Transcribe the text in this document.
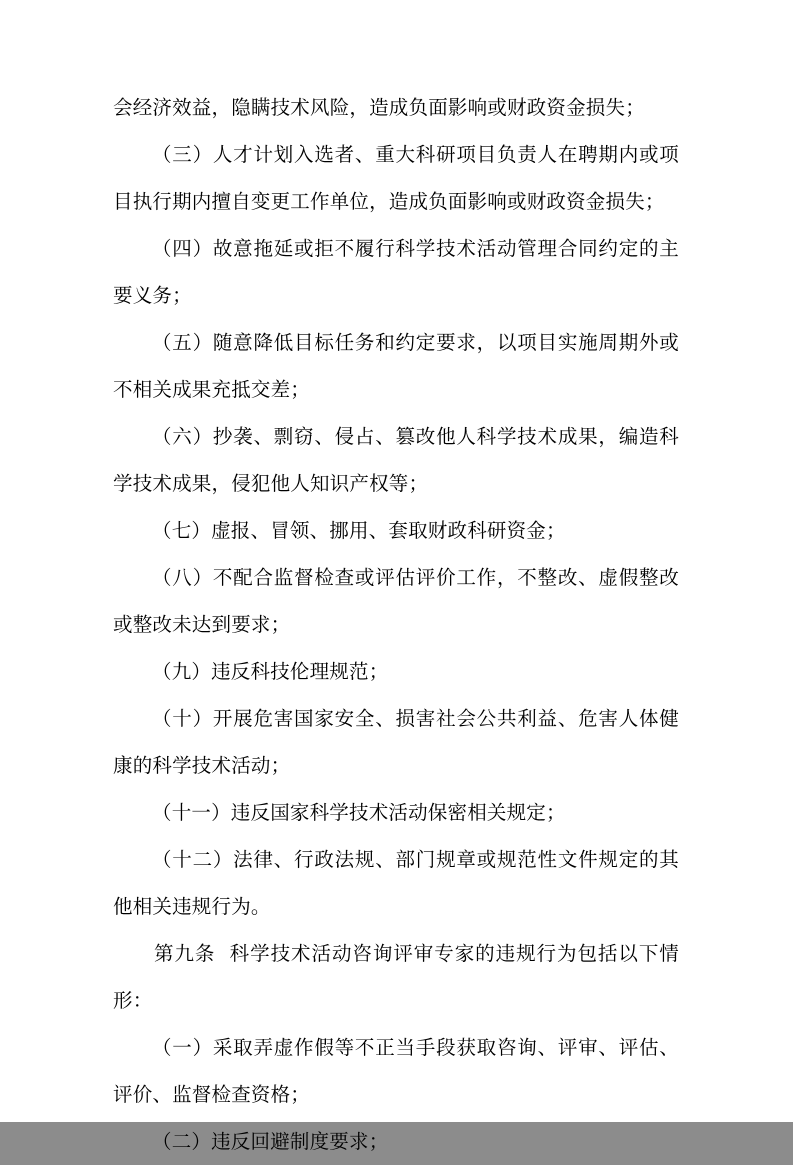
会经济效益，隐瞒技术风险，造成负面影响或财政资金损失；

（三）人才计划入选者、重大科研项目负责人在聘期内或项目执行期内擅自变更工作单位，造成负面影响或财政资金损失；

（四）故意拖延或拒不履行科学技术活动管理合同约定的主要义务；

（五）随意降低目标任务和约定要求，以项目实施周期外或不相关成果充抵交差；

（六）抄袭、剽窃、侵占、篡改他人科学技术成果，编造科学技术成果，侵犯他人知识产权等；

（七）虚报、冒领、挪用、套取财政科研资金；

（八）不配合监督检查或评估评价工作，不整改、虚假整改或整改未达到要求；

（九）违反科技伦理规范；

（十）开展危害国家安全、损害社会公共利益、危害人体健康的科学技术活动；

（十一）违反国家科学技术活动保密相关规定；

（十二）法律、行政法规、部门规章或规范性文件规定的其他相关违规行为。

第九条  科学技术活动咨询评审专家的违规行为包括以下情形：

（一）采取弄虚作假等不正当手段获取咨询、评审、评估、评价、监督检查资格；

（二）违反回避制度要求；
